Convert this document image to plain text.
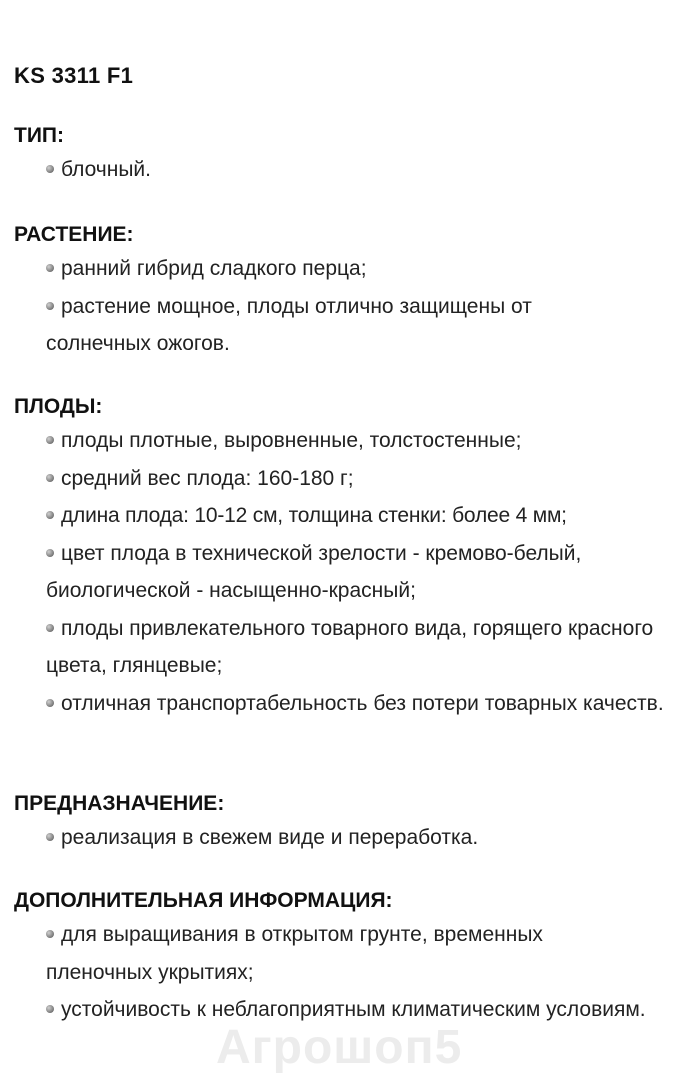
KS 3311 F1
ТИП:
блочный.
РАСТЕНИЕ:
ранний гибрид сладкого перца;
растение мощное, плоды отлично защищены от солнечных ожогов.
ПЛОДЫ:
плоды плотные, выровненные, толстостенные;
средний вес плода: 160-180 г;
длина плода: 10-12 см, толщина стенки: более 4 мм;
цвет плода в технической зрелости - кремово-белый, биологической - насыщенно-красный;
плоды привлекательного товарного вида, горящего красного цвета, глянцевые;
отличная транспортабельность без потери товарных качеств.
ПРЕДНАЗНАЧЕНИЕ:
реализация в свежем виде и переработка.
ДОПОЛНИТЕЛЬНАЯ ИНФОРМАЦИЯ:
для выращивания в открытом грунте, временных пленочных укрытиях;
устойчивость к неблагоприятным климатическим условиям.
Агрошоп5
